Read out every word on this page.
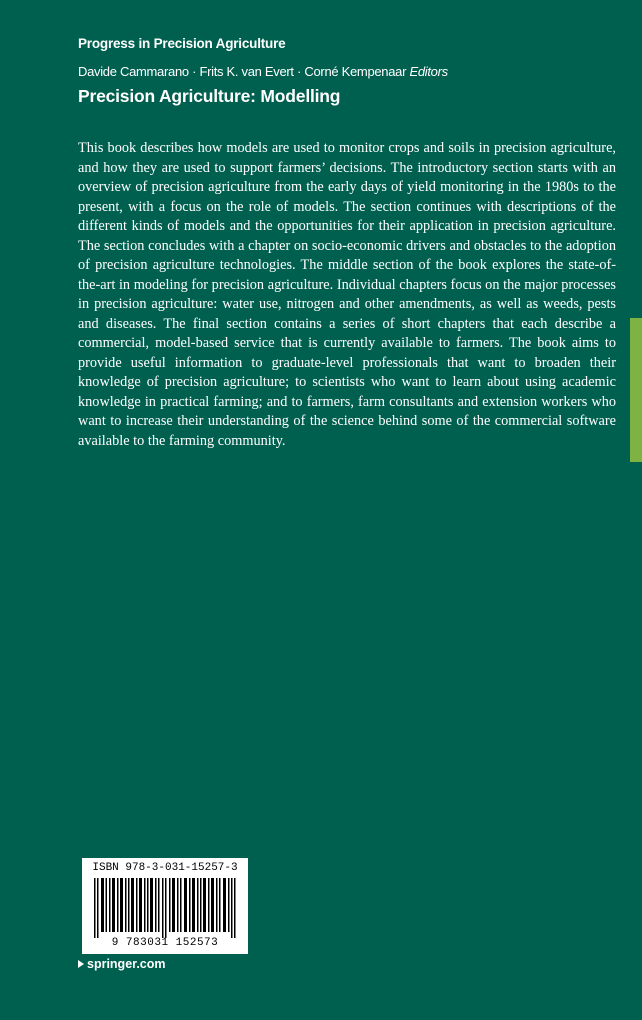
Progress in Precision Agriculture
Davide Cammarano · Frits K. van Evert · Corné Kempenaar Editors
Precision Agriculture: Modelling
This book describes how models are used to monitor crops and soils in precision agriculture, and how they are used to support farmers’ decisions. The introductory section starts with an overview of precision agriculture from the early days of yield monitoring in the 1980s to the present, with a focus on the role of models. The section continues with descriptions of the different kinds of models and the opportunities for their application in precision agriculture. The section concludes with a chapter on socio-economic drivers and obstacles to the adoption of precision agriculture technologies. The middle section of the book explores the state-of-the-art in modeling for precision agriculture. Individual chapters focus on the major processes in precision agriculture: water use, nitrogen and other amendments, as well as weeds, pests and diseases. The final section contains a series of short chapters that each describe a commercial, model-based service that is currently available to farmers. The book aims to provide useful information to graduate-level professionals that want to broaden their knowledge of precision agriculture; to scientists who want to learn about using academic knowledge in practical farming; and to farmers, farm consultants and extension workers who want to increase their understanding of the science behind some of the commercial software available to the farming community.
ISBN 978-3-031-15257-3
9 783031 152573
springer.com
